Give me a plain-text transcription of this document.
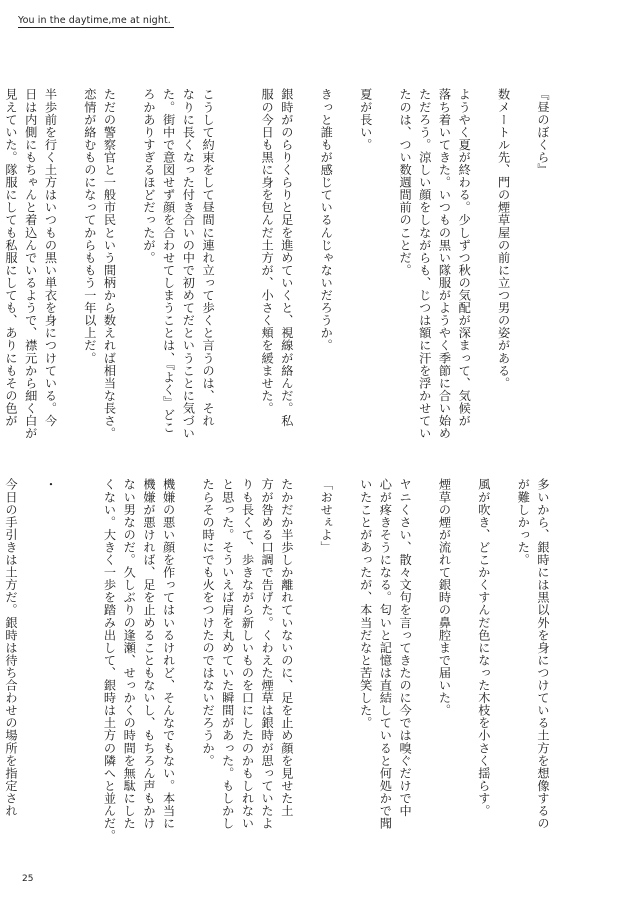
You in the daytime,me at night.
『昼のぼくら』

数メートル先、門の煙草屋の前に立つ男の姿がある。

ようやく夏が終わる。少しずつ秋の気配が深まって、気候が
落ち着いてきた。いつもの黒い隊服がようやく季節に合い始め
ただろう。涼しい顔をしながらも、じつは額に汗を浮かせてい
たのは、つい数週間前のことだ。

夏が長い。

きっと誰もが感じているんじゃないだろうか。

銀時がのらりくらりと足を進めていくと、視線が絡んだ。私
服の今日も黒に身を包んだ土方が、小さく頬を緩ませた。

こうして約束をして昼間に連れ立って歩くと言うのは、それ
なりに長くなった付き合いの中で初めてだということに気づい
た。街中で意図せず顔を合わせてしまうことは、『よく』どこ
ろかありすぎるほどだったが。

ただの警察官と一般市民という間柄から数えれば相当な長さ。
恋情が絡むものになってからももう一年以上だ。

半歩前を行く土方はいつもの黒い単衣を身につけている。今
日は内側にもちゃんと着込んでいるようで、襟元から細く白が
見えていた。隊服にしても私服にしても、ありにもその色が
多いから、銀時には黒以外を身につけている土方を想像するの
が難しかった。

風が吹き、どこかくすんだ色になった木枝を小さく揺らす。

煙草の煙が流れて銀時の鼻腔まで届いた。

ヤニくさい、散々文句を言ってきたのに今では嗅ぐだけで中
心が疼きそうになる。匂いと記憶は直結していると何処かで聞
いたことがあったが、本当だなと苦笑した。

「おせぇよ」

たかだか半歩しか離れていないのに、足を止め顔を見せた土
方が咎める口調で告げた。くわえた煙草は銀時が思っていたよ
りも長くて、歩きながら新しいものを口にしたのかもしれない
と思った。そういえば肩を丸めていた瞬間があった。もしかし
たらその時にでも火をつけたのではないだろうか。

機嫌の悪い顔を作ってはいるけれど、そんなでもない。本当に
機嫌が悪ければ、足を止めることもないし、もちろん声もかけ
ない男なのだ。久しぶりの逢瀬、せっかくの時間を無駄にした
くない。大きく一歩を踏み出して、銀時は土方の隣へと並んだ。

・

今日の手引きは土方だ。銀時は待ち合わせの場所を指定され
25
